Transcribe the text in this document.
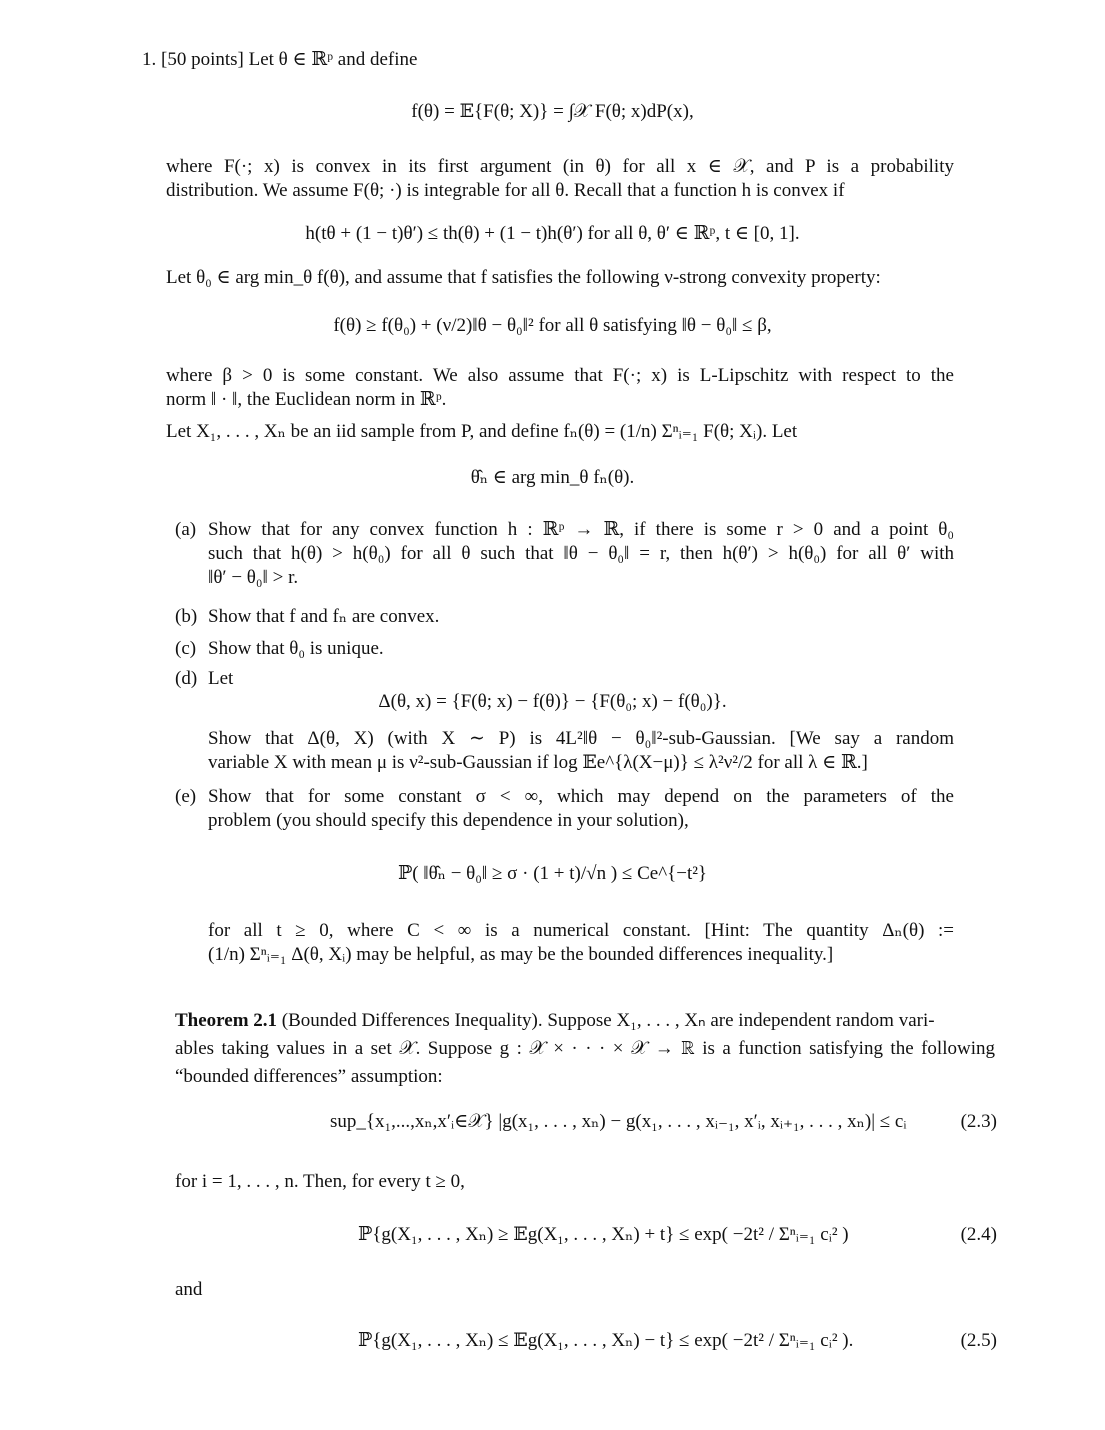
1. [50 points] Let θ ∈ ℝᵖ and define
f(θ) = 𝔼{F(θ; X)} = ∫𝒳 F(θ; x)dP(x),
where F(·; x) is convex in its first argument (in θ) for all x ∈ 𝒳, and P is a probability
distribution. We assume F(θ; ·) is integrable for all θ. Recall that a function h is convex if
h(tθ + (1 − t)θ′) ≤ th(θ) + (1 − t)h(θ′) for all θ, θ′ ∈ ℝᵖ, t ∈ [0, 1].
Let θ₀ ∈ arg min_θ f(θ), and assume that f satisfies the following ν-strong convexity property:
f(θ) ≥ f(θ₀) + (ν/2)‖θ − θ₀‖² for all θ satisfying ‖θ − θ₀‖ ≤ β,
where β > 0 is some constant. We also assume that F(·; x) is L-Lipschitz with respect to the
norm ‖ · ‖, the Euclidean norm in ℝᵖ.
Let X₁, . . . , Xₙ be an iid sample from P, and define fₙ(θ) = (1/n) Σⁿᵢ₌₁ F(θ; Xᵢ). Let
θ̂ₙ ∈ arg min_θ fₙ(θ).
(a) Show that for any convex function h : ℝᵖ → ℝ, if there is some r > 0 and a point θ₀
such that h(θ) > h(θ₀) for all θ such that ‖θ − θ₀‖ = r, then h(θ′) > h(θ₀) for all θ′ with
‖θ′ − θ₀‖ > r.
(b) Show that f and fₙ are convex.
(c) Show that θ₀ is unique.
(d) Let
Δ(θ, x) = {F(θ; x) − f(θ)} − {F(θ₀; x) − f(θ₀)}.
Show that Δ(θ, X) (with X ∼ P) is 4L²‖θ − θ₀‖²-sub-Gaussian. [We say a random
variable X with mean μ is ν²-sub-Gaussian if log 𝔼e^{λ(X−μ)} ≤ λ²ν²/2 for all λ ∈ ℝ.]
(e) Show that for some constant σ < ∞, which may depend on the parameters of the
problem (you should specify this dependence in your solution),
ℙ( ‖θ̂ₙ − θ₀‖ ≥ σ · (1 + t)/√n ) ≤ Ce^{−t²}
for all t ≥ 0, where C < ∞ is a numerical constant. [Hint: The quantity Δₙ(θ) :=
(1/n) Σⁿᵢ₌₁ Δ(θ, Xᵢ) may be helpful, as may be the bounded differences inequality.]
Theorem 2.1 (Bounded Differences Inequality). Suppose X₁, . . . , Xₙ are independent random vari-
ables taking values in a set 𝒳. Suppose g : 𝒳 × · · · × 𝒳 → ℝ is a function satisfying the following
“bounded differences” assumption:
sup_{x₁,...,xₙ,x′ᵢ∈𝒳} |g(x₁, . . . , xₙ) − g(x₁, . . . , xᵢ₋₁, x′ᵢ, xᵢ₊₁, . . . , xₙ)| ≤ cᵢ	(2.3)
for i = 1, . . . , n. Then, for every t ≥ 0,
ℙ{g(X₁, . . . , Xₙ) ≥ 𝔼g(X₁, . . . , Xₙ) + t} ≤ exp( −2t² / Σⁿᵢ₌₁ cᵢ² )	(2.4)
and
ℙ{g(X₁, . . . , Xₙ) ≤ 𝔼g(X₁, . . . , Xₙ) − t} ≤ exp( −2t² / Σⁿᵢ₌₁ cᵢ² ).	(2.5)
